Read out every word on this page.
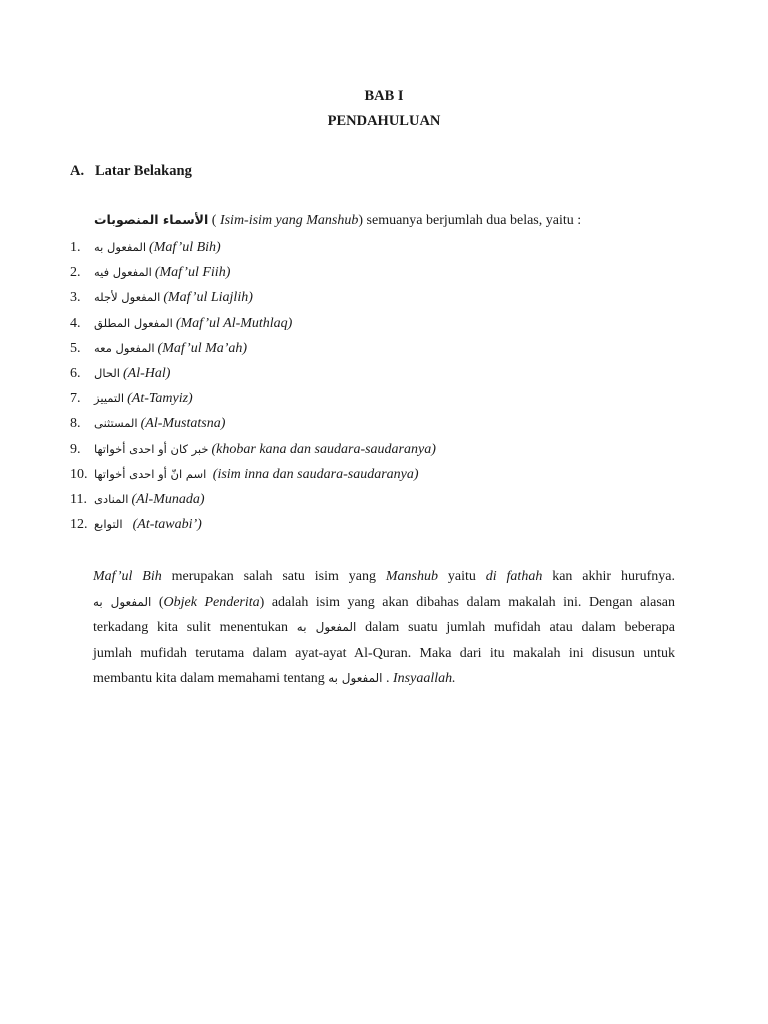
BAB I
PENDAHULUAN
A. Latar Belakang
الأسماء المنصوبات ( Isim-isim yang Manshub) semuanya berjumlah dua belas, yaitu :
1.	المفعول به (Maf’ul Bih)
2.	المفعول فيه (Maf’ul Fiih)
3.	المفعول لأجله (Maf’ul Liajlih)
4.	المفعول المطلق (Maf’ul Al-Muthlaq)
5.	المفعول معه (Maf’ul Ma’ah)
6.	الحال (Al-Hal)
7.	التمييز (At-Tamyiz)
8.	المستثنى (Al-Mustatsna)
9.	خبر كان أو احدى أخواتها (khobar kana dan saudara-saudaranya)
10. اسم انّ أو احدى أخواتها (isim inna dan saudara-saudaranya)
11. المنادى (Al-Munada)
12. التوابع (At-tawabi’)
Maf’ul Bih merupakan salah satu isim yang Manshub yaitu di fathah kan akhir hurufnya.
المفعول به (Objek Penderita) adalah isim yang akan dibahas dalam makalah ini. Dengan alasan
terkadang kita sulit menentukan المفعول به dalam suatu jumlah mufidah atau dalam beberapa
jumlah mufidah terutama dalam ayat-ayat Al-Quran. Maka dari itu makalah ini disusun untuk
membantu kita dalam memahami tentang المفعول به . Insyaallah.
